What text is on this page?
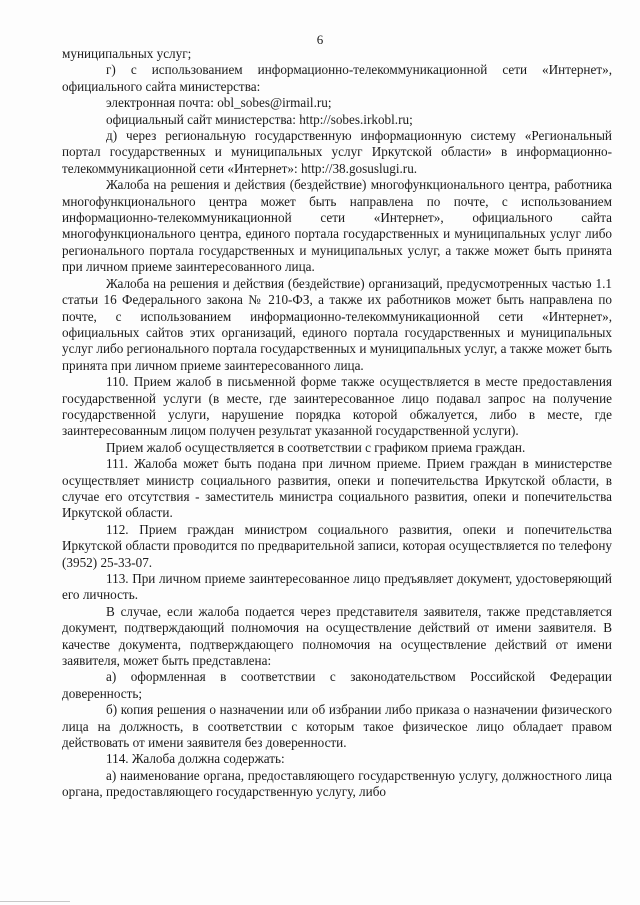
6

муниципальных услуг;

г) с использованием информационно-телекоммуникационной сети «Интернет», официального сайта министерства:

электронная почта: obl_sobes@irmail.ru;

официальный сайт министерства: http://sobes.irkobl.ru;

д) через региональную государственную информационную систему «Региональный портал государственных и муниципальных услуг Иркутской области» в информационно-телекоммуникационной сети «Интернет»: http://38.gosuslugi.ru.

Жалоба на решения и действия (бездействие) многофункционального центра, работника многофункционального центра может быть направлена по почте, с использованием информационно-телекоммуникационной сети «Интернет», официального сайта многофункционального центра, единого портала государственных и муниципальных услуг либо регионального портала государственных и муниципальных услуг, а также может быть принята при личном приеме заинтересованного лица.

Жалоба на решения и действия (бездействие) организаций, предусмотренных частью 1.1 статьи 16 Федерального закона № 210-ФЗ, а также их работников может быть направлена по почте, с использованием информационно-телекоммуникационной сети «Интернет», официальных сайтов этих организаций, единого портала государственных и муниципальных услуг либо регионального портала государственных и муниципальных услуг, а также может быть принята при личном приеме заинтересованного лица.

110. Прием жалоб в письменной форме также осуществляется в месте предоставления государственной услуги (в месте, где заинтересованное лицо подавал запрос на получение государственной услуги, нарушение порядка которой обжалуется, либо в месте, где заинтересованным лицом получен результат указанной государственной услуги).

Прием жалоб осуществляется в соответствии с графиком приема граждан.

111. Жалоба может быть подана при личном приеме. Прием граждан в министерстве осуществляет министр социального развития, опеки и попечительства Иркутской области, в случае его отсутствия - заместитель министра социального развития, опеки и попечительства Иркутской области.

112. Прием граждан министром социального развития, опеки и попечительства Иркутской области проводится по предварительной записи, которая осуществляется по телефону (3952) 25-33-07.

113. При личном приеме заинтересованное лицо предъявляет документ, удостоверяющий его личность.

В случае, если жалоба подается через представителя заявителя, также представляется документ, подтверждающий полномочия на осуществление действий от имени заявителя. В качестве документа, подтверждающего полномочия на осуществление действий от имени заявителя, может быть представлена:

а) оформленная в соответствии с законодательством Российской Федерации доверенность;

б) копия решения о назначении или об избрании либо приказа о назначении физического лица на должность, в соответствии с которым такое физическое лицо обладает правом действовать от имени заявителя без доверенности.

114. Жалоба должна содержать:

а) наименование органа, предоставляющего государственную услугу, должностного лица органа, предоставляющего государственную услугу, либо
